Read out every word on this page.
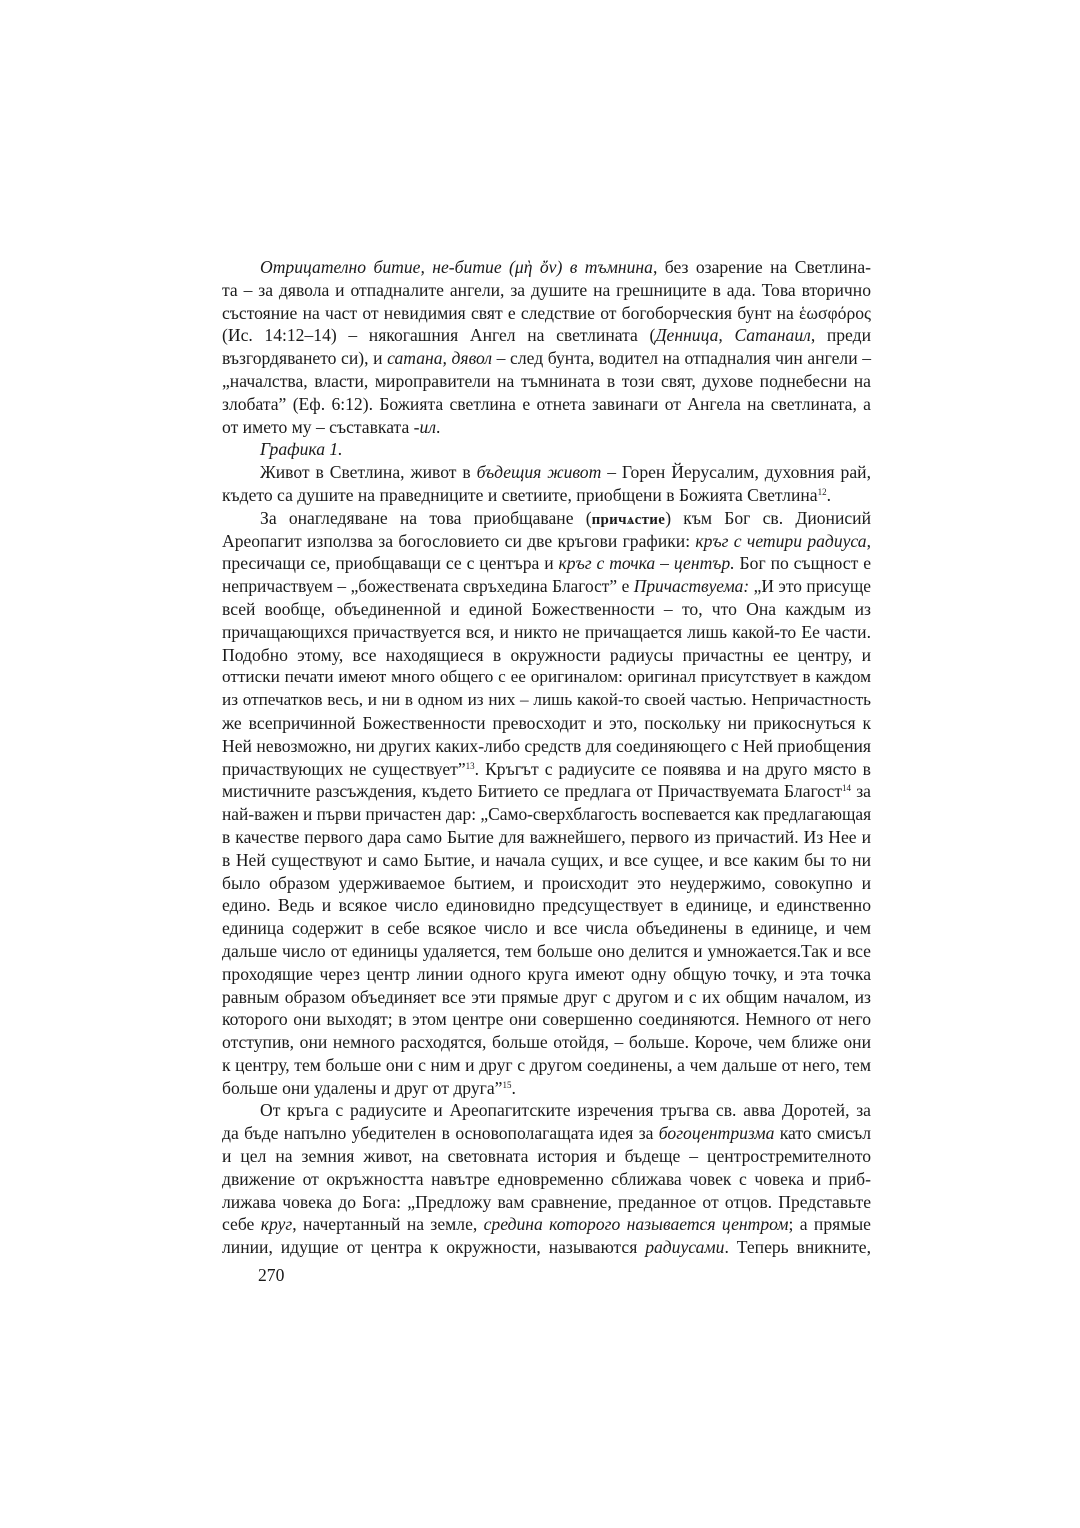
Отрицателно битие, не-битие (μὴ ὄν) в тъмнина, без озарение на Светлина-
та – за дявола и отпадналите ангели, за душите на грешниците в ада. Това вторично
състояние на част от невидимия свят е следствие от богоборческия бунт на ἑωσφόρος
(Ис. 14:12–14) – някогашния Ангел на светлината (Денница, Сатанаил, преди
възгордяването си), и сатана, дявол – след бунта, водител на отпадналия чин ангели –
„началства, власти, мироправители на тъмнината в този свят, духове поднебесни на
злобата” (Еф. 6:12). Божията светлина е отнета завинаги от Ангела на светлината, а
от името му – съставката -ил.
Графика 1.
Живот в Светлина, живот в бъдещия живот – Горен Йерусалим, духовния рай,
където са душите на праведниците и светиите, приобщени в Божията Светлина$^{12}$.
За онагледяване на това приобщаване (причѧстие) към Бог св. Дионисий
Ареопагит използва за богословието си две кръгови графики: кръг с четири радиуса,
пресичащи се, приобщаващи се с центъра и кръг с точка – център. Бог по същност е
непричаствуем – „божествената свръхедина Благост” е Причаствуема: „И это присуще
всей вообще, объединенной и единой Божественности – то, что Она каждым из
причащающихся причаствуется вся, и никто не причащается лишь какой-то Ее части.
Подобно этому, все находящиеся в окружности радиусы причастны ее центру, и
оттиски печати имеют много общего с ее оригиналом: оригинал присутствует в каждом
из отпечатков весь, и ни в одном из них – лишь какой-то своей частью. Непричастность
же всепричинной Божественности превосходит и это, поскольку ни прикоснуться к
Ней невозможно, ни других каких-либо средств для соединяющего с Ней приобщения
причаствующих не существует”$^{13}$. Кръгът с радиусите се появява и на друго място в
мистичните разсъждения, където Битието се предлага от Причаствуемата Благост$^{14}$ за
най-важен и първи причастен дар: „Само-сверхблагость воспевается как предлагающая
в качестве первого дара само Бытие для важнейшего, первого из причастий. Из Нее и
в Ней существуют и само Бытие, и начала сущих, и все сущее, и все каким бы то ни
было образом удерживаемое бытием, и происходит это неудержимо, совокупно и
едино. Ведь и всякое число единовидно предсуществует в единице, и единственно
единица содержит в себе всякое число и все числа объединены в единице, и чем
дальше число от единицы удаляется, тем больше оно делится и умножается.Так и все
проходящие через центр линии одного круга имеют одну общую точку, и эта точка
равным образом объединяет все эти прямые друг с другом и с их общим началом, из
которого они выходят; в этом центре они совершенно соединяются. Немного от него
отступив, они немного расходятся, больше отойдя, – больше. Короче, чем ближе они
к центру, тем больше они с ним и друг с другом соединены, а чем дальше от него, тем
больше они удалены и друг от друга”$^{15}$.
От кръга с радиусите и Ареопагитските изречения тръгва св. авва Доротей, за
да бъде напълно убедителен в основополагащата идея за богоцентризма като смисъл
и цел на земния живот, на световната история и бъдеще – центростремителното
движение от окръжността навътре едновременно сближава човек с човека и приб-
лижава човека до Бога: „Предложу вам сравнение, преданное от отцов. Представьте
себе круг, начертанный на земле, средина которого называется центром; а прямые
линии, идущие от центра к окружности, называются радиусами. Теперь вникните,
270
